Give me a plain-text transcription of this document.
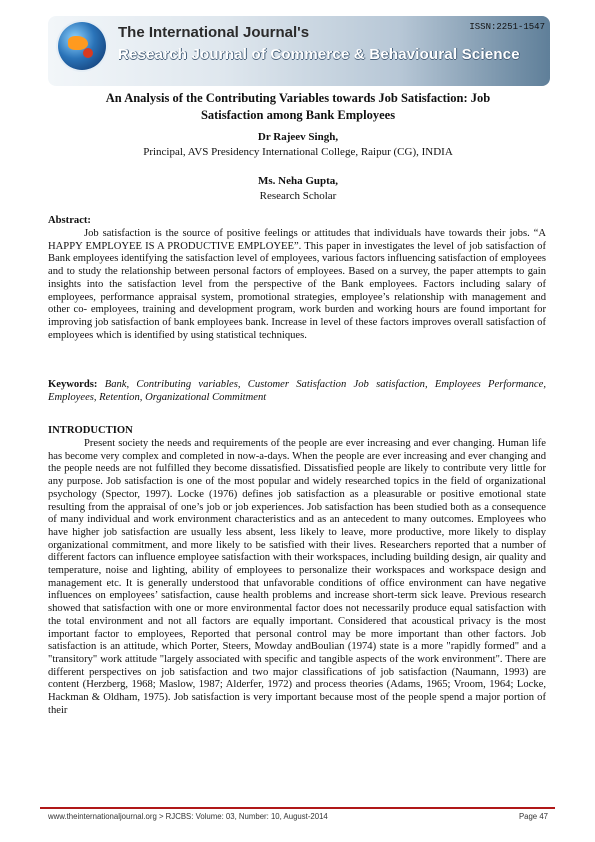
ISSN:2251-1547
The International Journal's
Research Journal of Commerce & Behavioural Science
An Analysis of the Contributing Variables towards Job Satisfaction: Job
Satisfaction among Bank Employees
Dr Rajeev Singh,
Principal, AVS Presidency International College, Raipur (CG), INDIA
Ms. Neha Gupta,
Research Scholar
Abstract:
Job satisfaction is the source of positive feelings or attitudes that individuals have towards their jobs. “A HAPPY EMPLOYEE IS A PRODUCTIVE EMPLOYEE”. This paper in investigates the level of job satisfaction of Bank employees identifying the satisfaction level of employees, various factors influencing satisfaction of employees and to study the relationship between personal factors of employees. Based on a survey, the paper attempts to gain insights into the satisfaction level from the perspective of the Bank employees. Factors including salary of employees, performance appraisal system, promotional strategies, employee’s relationship with management and other co- employees, training and development program, work burden and working hours are found important for improving job satisfaction of bank employees bank. Increase in level of these factors improves overall satisfaction of employees which is identified by using statistical techniques.
Keywords: Bank, Contributing variables, Customer Satisfaction Job satisfaction, Employees Performance, Employees, Retention, Organizational Commitment
INTRODUCTION
Present society the needs and requirements of the people are ever increasing and ever changing. Human life has become very complex and completed in now-a-days. When the people are ever increasing and ever changing and the people needs are not fulfilled they become dissatisfied. Dissatisfied people are likely to contribute very little for any purpose. Job satisfaction is one of the most popular and widely researched topics in the field of organizational psychology (Spector, 1997). Locke (1976) defines job satisfaction as a pleasurable or positive emotional state resulting from the appraisal of one’s job or job experiences. Job satisfaction has been studied both as a consequence of many individual and work environment characteristics and as an antecedent to many outcomes. Employees who have higher job satisfaction are usually less absent, less likely to leave, more productive, more likely to display organizational commitment, and more likely to be satisfied with their lives. Researchers reported that a number of different factors can influence employee satisfaction with their workspaces, including building design, air quality and temperature, noise and lighting, ability of employees to personalize their workspaces and workspace design and management etc. It is generally understood that unfavorable conditions of office environment can have negative influences on employees’ satisfaction, cause health problems and increase short-term sick leave. Previous research showed that satisfaction with one or more environmental factor does not necessarily produce equal satisfaction with the total environment and not all factors are equally important. Considered that acoustical privacy is the most important factor to employees, Reported that personal control may be more important than other factors. Job satisfaction is an attitude, which Porter, Steers, Mowday andBoulian (1974) state is a more "rapidly formed" and a "transitory" work attitude "largely associated with specific and tangible aspects of the work environment". There are different perspectives on job satisfaction and two major classifications of job satisfaction (Naumann, 1993) are content (Herzberg, 1968; Maslow, 1987; Alderfer, 1972) and process theories (Adams, 1965; Vroom, 1964; Locke, Hackman & Oldham, 1975). Job satisfaction is very important because most of the people spend a major portion of their
www.theinternationaljournal.org > RJCBS: Volume: 03, Number: 10, August-2014	Page 47
